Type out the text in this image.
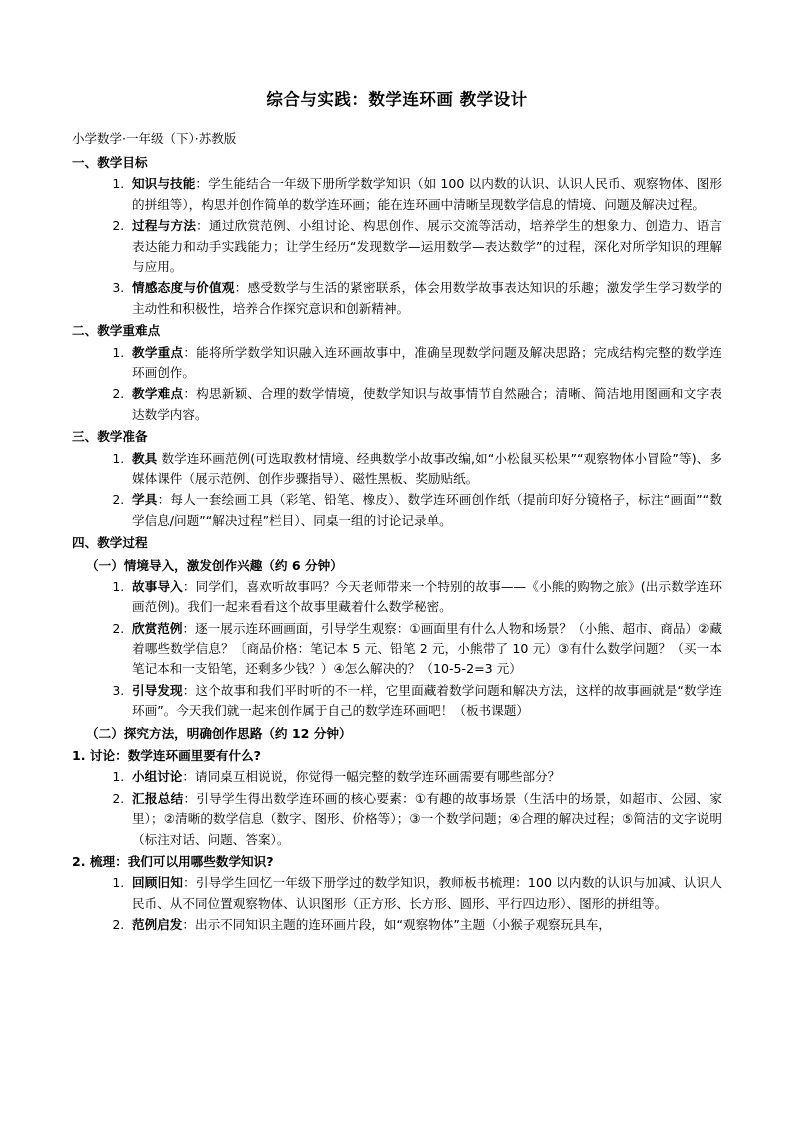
综合与实践：数学连环画 教学设计

小学数学·一年级（下）·苏教版

一、教学目标

1. 知识与技能：学生能结合一年级下册所学数学知识（如 100 以内数的认识、认识人民币、观察物体、图形的拼组等），构思并创作简单的数学连环画；能在连环画中清晰呈现数学信息的情境、问题及解决过程。
2. 过程与方法：通过欣赏范例、小组讨论、构思创作、展示交流等活动，培养学生的想象力、创造力、语言表达能力和动手实践能力；让学生经历“发现数学—运用数学—表达数学”的过程，深化对所学知识的理解与应用。
3. 情感态度与价值观：感受数学与生活的紧密联系，体会用数学故事表达知识的乐趣；激发学生学习数学的主动性和积极性，培养合作探究意识和创新精神。

二、教学重难点

1. 教学重点：能将所学数学知识融入连环画故事中，准确呈现数学问题及解决思路；完成结构完整的数学连环画创作。
2. 教学难点：构思新颖、合理的数学情境，使数学知识与故事情节自然融合；清晰、简洁地用图画和文字表达数学内容。

三、教学准备

1. 教具 数学连环画范例(可选取教材情境、经典数学小故事改编,如“小松鼠买松果”“观察物体小冒险”等)、多媒体课件（展示范例、创作步骤指导）、磁性黑板、奖励贴纸。
2. 学具：每人一套绘画工具（彩笔、铅笔、橡皮）、数学连环画创作纸（提前印好分镜格子，标注“画面”“数学信息/问题”“解决过程”栏目）、同桌一组的讨论记录单。

四、教学过程

（一）情境导入，激发创作兴趣（约 6 分钟）

1. 故事导入：同学们，喜欢听故事吗？今天老师带来一个特别的故事——《小熊的购物之旅》(出示数学连环画范例)。我们一起来看看这个故事里藏着什么数学秘密。
2. 欣赏范例：逐一展示连环画画面，引导学生观察：①画面里有什么人物和场景？（小熊、超市、商品）②藏着哪些数学信息？〔商品价格：笔记本 5 元、铅笔 2 元，小熊带了 10 元）③有什么数学问题？（买一本笔记本和一支铅笔，还剩多少钱？）④怎么解决的？（10-5-2=3 元）
3. 引导发现：这个故事和我们平时听的不一样，它里面藏着数学问题和解决方法，这样的故事画就是“数学连环画”。今天我们就一起来创作属于自己的数学连环画吧！（板书课题）

（二）探究方法，明确创作思路（约 12 分钟）

1. 讨论：数学连环画里要有什么?

1. 小组讨论：请同桌互相说说，你觉得一幅完整的数学连环画需要有哪些部分？
2. 汇报总结：引导学生得出数学连环画的核心要素：①有趣的故事场景（生活中的场景，如超市、公园、家里）；②清晰的数学信息（数字、图形、价格等）；③一个数学问题；④合理的解决过程；⑤简洁的文字说明（标注对话、问题、答案）。

2. 梳理：我们可以用哪些数学知识?

1. 回顾旧知：引导学生回忆一年级下册学过的数学知识，教师板书梳理：100 以内数的认识与加减、认识人民币、从不同位置观察物体、认识图形（正方形、长方形、圆形、平行四边形）、图形的拼组等。
2. 范例启发：出示不同知识主题的连环画片段，如“观察物体”主题（小猴子观察玩具车，
